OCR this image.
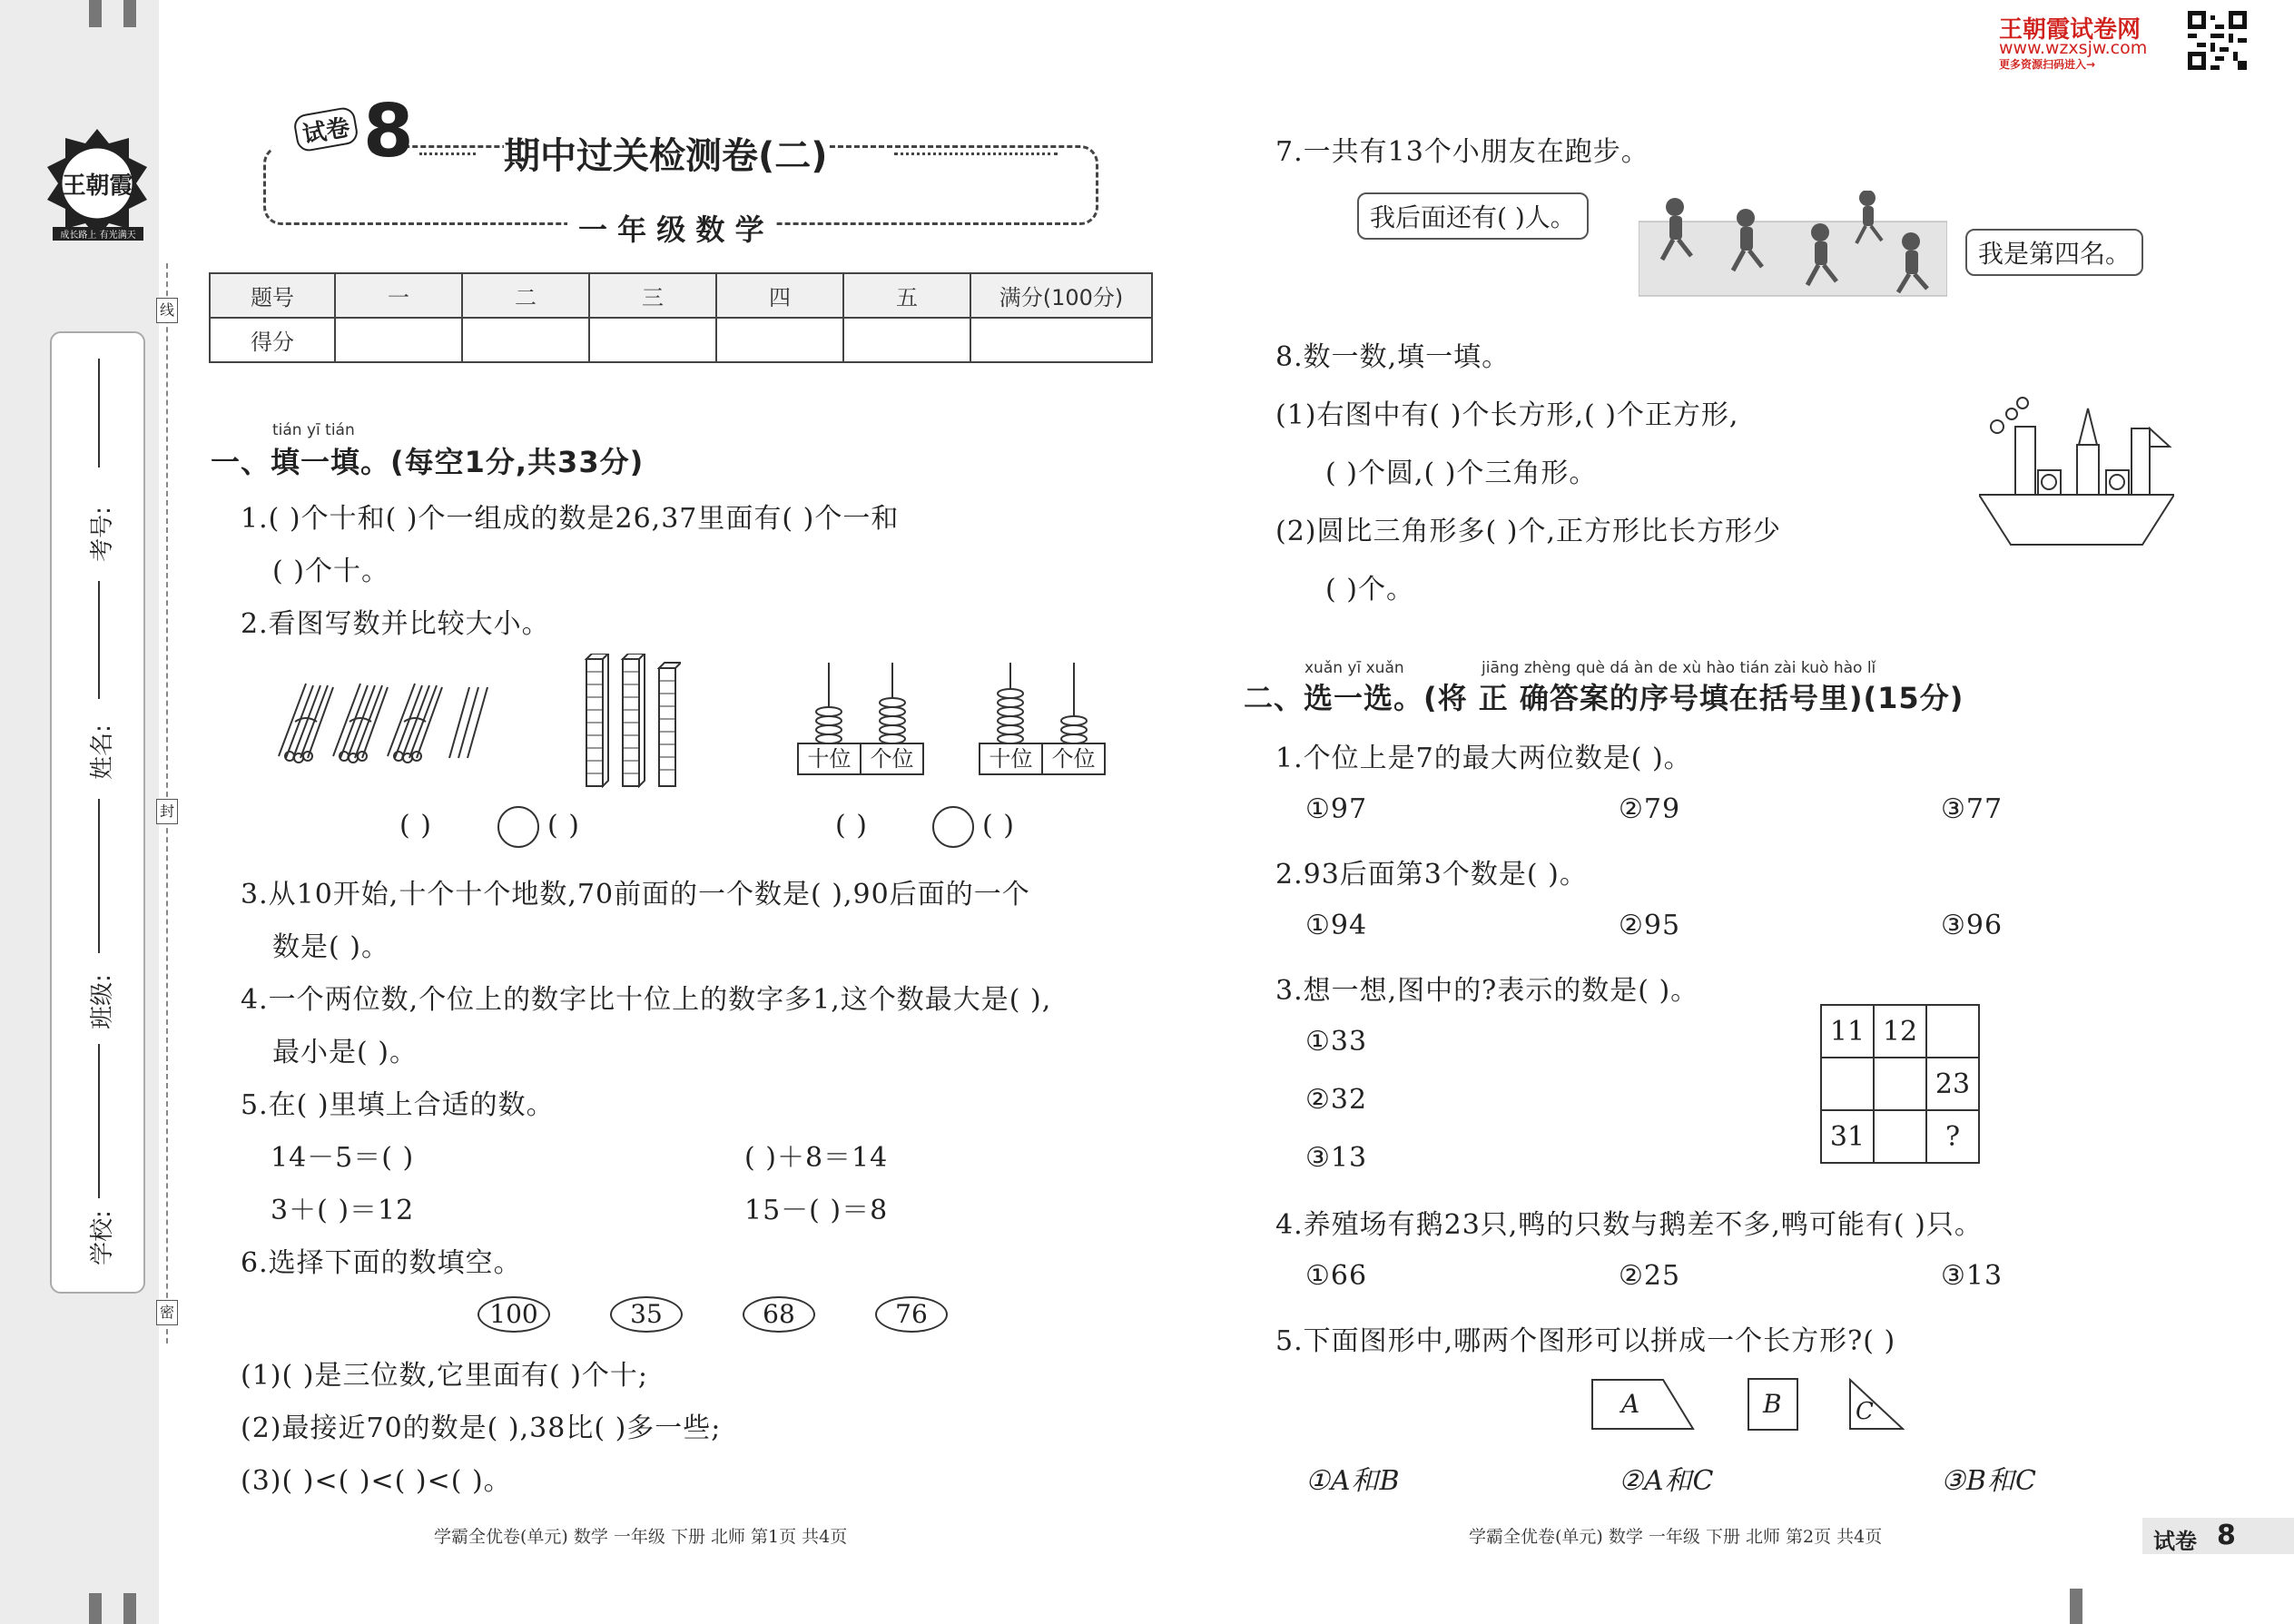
王朝霞
成长路上 有光满天
考号:
姓名:
班级:
学校:
线
封
密
试卷 8 期中过关检测卷(二)
一 年 级 数 学
题号	一	二	三	四	五	满分(100分)
得分						
tián yī tián
一、填一填。(每空1分,共33分)
1.( )个十和( )个一组成的数是26,37里面有( )个一和
( )个十。
2.看图写数并比较大小。
十位 个位	十位 个位
( )	( )	( )	( )
3.从10开始,十个十个地数,70前面的一个数是( ),90后面的一个
数是( )。
4.一个两位数,个位上的数字比十位上的数字多1,这个数最大是( ),
最小是( )。
5.在( )里填上合适的数。
14－5＝( )	( )＋8＝14
3＋( )＝12	15－( )＝8
6.选择下面的数填空。
100	35	68	76
(1)( )是三位数,它里面有( )个十;
(2)最接近70的数是( ),38比( )多一些;
(3)( )<( )<( )<( )。
学霸全优卷(单元) 数学 一年级 下册 北师 第1页 共4页
王朝霞试卷网
www.wzxsjw.com
更多资源扫码进入→
7.一共有13个小朋友在跑步。
我后面还有( )人。
我是第四名。
8.数一数,填一填。
(1)右图中有( )个长方形,( )个正方形,
( )个圆,( )个三角形。
(2)圆比三角形多( )个,正方形比长方形少
( )个。
xuǎn yī xuǎn	jiāng zhèng què dá àn de xù hào tián zài kuò hào lǐ
二、选一选。(将 正 确答案的序号填在括号里)(15分)
1.个位上是7的最大两位数是( )。
①97	②79	③77
2.93后面第3个数是( )。
①94	②95	③96
3.想一想,图中的?表示的数是( )。
①33
②32
③13
11	12	
		23
31		?
4.养殖场有鹅23只,鸭的只数与鹅差不多,鸭可能有( )只。
①66	②25	③13
5.下面图形中,哪两个图形可以拼成一个长方形?( )
A	B	C
①A和B	②A和C	③B和C
学霸全优卷(单元) 数学 一年级 下册 北师 第2页 共4页	试卷 8
